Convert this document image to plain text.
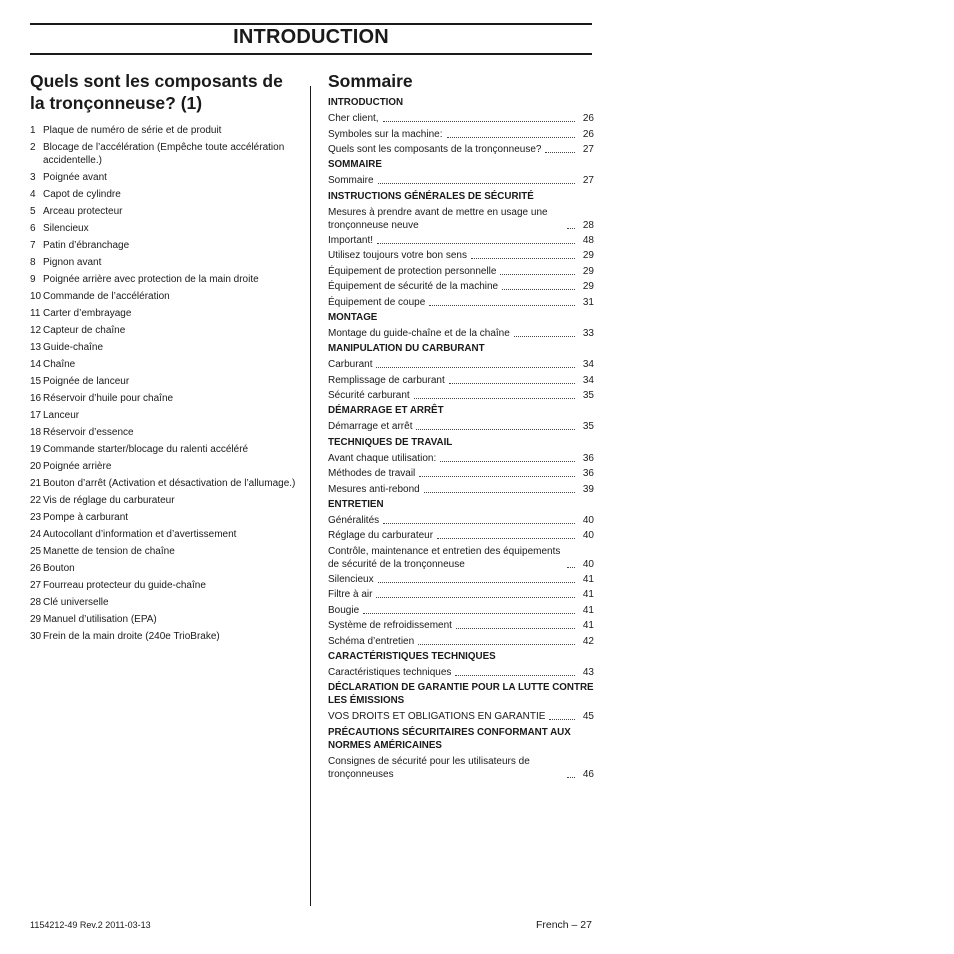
INTRODUCTION
Quels sont les composants de la tronçonneuse? (1)
1 Plaque de numéro de série et de produit
2 Blocage de l’accélération (Empêche toute accélération accidentelle.)
3 Poignée avant
4 Capot de cylindre
5 Arceau protecteur
6 Silencieux
7 Patin d’ébranchage
8 Pignon avant
9 Poignée arrière avec protection de la main droite
10 Commande de l’accélération
11 Carter d’embrayage
12 Capteur de chaîne
13 Guide-chaîne
14 Chaîne
15 Poignée de lanceur
16 Réservoir d’huile pour chaîne
17 Lanceur
18 Réservoir d’essence
19 Commande starter/blocage du ralenti accéléré
20 Poignée arrière
21 Bouton d’arrêt (Activation et désactivation de l’allumage.)
22 Vis de réglage du carburateur
23 Pompe à carburant
24 Autocollant d’information et d’avertissement
25 Manette de tension de chaîne
26 Bouton
27 Fourreau protecteur du guide-chaîne
28 Clé universelle
29 Manuel d’utilisation (EPA)
30 Frein de la main droite (240e TrioBrake)
Sommaire
INTRODUCTION
Cher client,	26
Symboles sur la machine:	26
Quels sont les composants de la tronçonneuse?	27
SOMMAIRE
Sommaire	27
INSTRUCTIONS GÉNÉRALES DE SÉCURITÉ
Mesures à prendre avant de mettre en usage une tronçonneuse neuve	28
Important!	48
Utilisez toujours votre bon sens	29
Équipement de protection personnelle	29
Équipement de sécurité de la machine	29
Équipement de coupe	31
MONTAGE
Montage du guide-chaîne et de la chaîne	33
MANIPULATION DU CARBURANT
Carburant	34
Remplissage de carburant	34
Sécurité carburant	35
DÉMARRAGE ET ARRÊT
Démarrage et arrêt	35
TECHNIQUES DE TRAVAIL
Avant chaque utilisation:	36
Méthodes de travail	36
Mesures anti-rebond	39
ENTRETIEN
Généralités	40
Réglage du carburateur	40
Contrôle, maintenance et entretien des équipements de sécurité de la tronçonneuse	40
Silencieux	41
Filtre à air	41
Bougie	41
Système de refroidissement	41
Schéma d’entretien	42
CARACTÉRISTIQUES TECHNIQUES
Caractéristiques techniques	43
DÉCLARATION DE GARANTIE POUR LA LUTTE CONTRE LES ÉMISSIONS
VOS DROITS ET OBLIGATIONS EN GARANTIE	45
PRÉCAUTIONS SÉCURITAIRES CONFORMANT AUX NORMES AMÉRICAINES
Consignes de sécurité pour les utilisateurs de tronçonneuses	46
1154212-49 Rev.2 2011-03-13	French – 27
